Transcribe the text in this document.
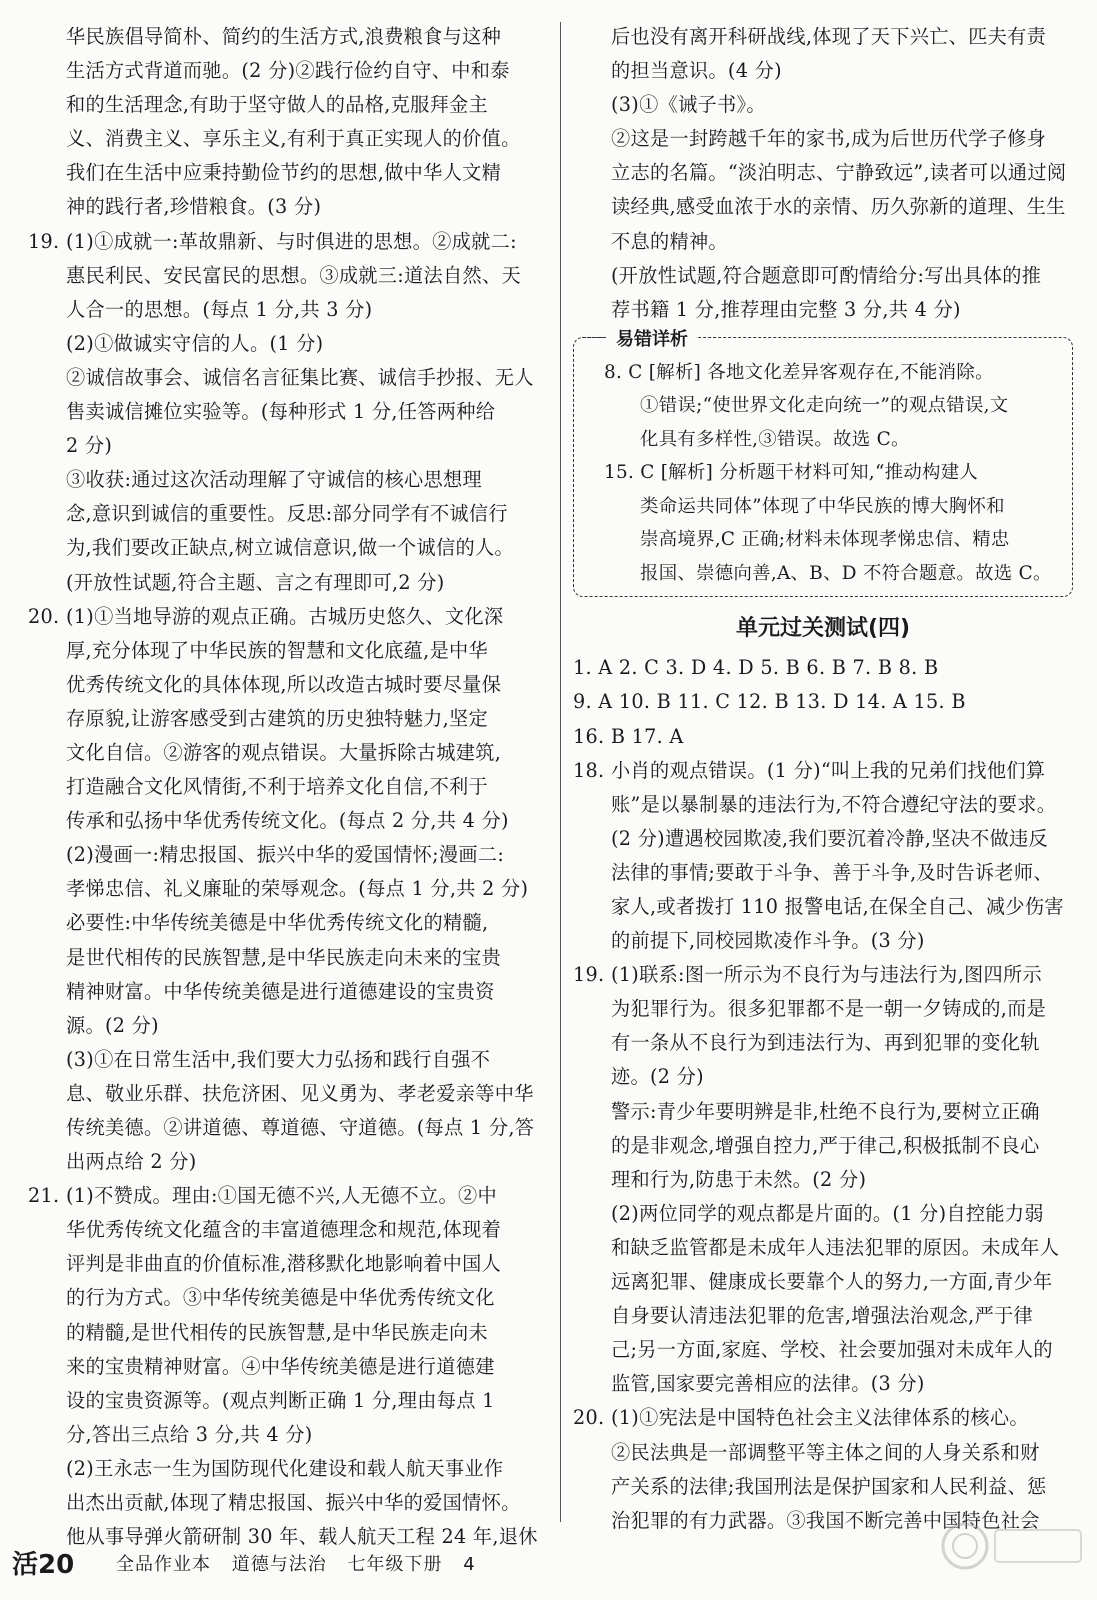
华民族倡导简朴、简约的生活方式,浪费粮食与这种
生活方式背道而驰。(2 分)②践行俭约自守、中和泰
和的生活理念,有助于坚守做人的品格,克服拜金主
义、消费主义、享乐主义,有利于真正实现人的价值。
我们在生活中应秉持勤俭节约的思想,做中华人文精
神的践行者,珍惜粮食。(3 分)
19. (1)①成就一:革故鼎新、与时俱进的思想。②成就二:
惠民利民、安民富民的思想。③成就三:道法自然、天
人合一的思想。(每点 1 分,共 3 分)
(2)①做诚实守信的人。(1 分)
②诚信故事会、诚信名言征集比赛、诚信手抄报、无人
售卖诚信摊位实验等。(每种形式 1 分,任答两种给
2 分)
③收获:通过这次活动理解了守诚信的核心思想理
念,意识到诚信的重要性。反思:部分同学有不诚信行
为,我们要改正缺点,树立诚信意识,做一个诚信的人。
(开放性试题,符合主题、言之有理即可,2 分)
20. (1)①当地导游的观点正确。古城历史悠久、文化深
厚,充分体现了中华民族的智慧和文化底蕴,是中华
优秀传统文化的具体体现,所以改造古城时要尽量保
存原貌,让游客感受到古建筑的历史独特魅力,坚定
文化自信。②游客的观点错误。大量拆除古城建筑,
打造融合文化风情街,不利于培养文化自信,不利于
传承和弘扬中华优秀传统文化。(每点 2 分,共 4 分)
(2)漫画一:精忠报国、振兴中华的爱国情怀;漫画二:
孝悌忠信、礼义廉耻的荣辱观念。(每点 1 分,共 2 分)
必要性:中华传统美德是中华优秀传统文化的精髓,
是世代相传的民族智慧,是中华民族走向未来的宝贵
精神财富。中华传统美德是进行道德建设的宝贵资
源。(2 分)
(3)①在日常生活中,我们要大力弘扬和践行自强不
息、敬业乐群、扶危济困、见义勇为、孝老爱亲等中华
传统美德。②讲道德、尊道德、守道德。(每点 1 分,答
出两点给 2 分)
21. (1)不赞成。理由:①国无德不兴,人无德不立。②中
华优秀传统文化蕴含的丰富道德理念和规范,体现着
评判是非曲直的价值标准,潜移默化地影响着中国人
的行为方式。③中华传统美德是中华优秀传统文化
的精髓,是世代相传的民族智慧,是中华民族走向未
来的宝贵精神财富。④中华传统美德是进行道德建
设的宝贵资源等。(观点判断正确 1 分,理由每点 1
分,答出三点给 3 分,共 4 分)
(2)王永志一生为国防现代化建设和载人航天事业作
出杰出贡献,体现了精忠报国、振兴中华的爱国情怀。
他从事导弹火箭研制 30 年、载人航天工程 24 年,退休
后也没有离开科研战线,体现了天下兴亡、匹夫有责
的担当意识。(4 分)
(3)①《诫子书》。
②这是一封跨越千年的家书,成为后世历代学子修身
立志的名篇。“淡泊明志、宁静致远”,读者可以通过阅
读经典,感受血浓于水的亲情、历久弥新的道理、生生
不息的精神。
(开放性试题,符合题意即可酌情给分:写出具体的推
荐书籍 1 分,推荐理由完整 3 分,共 4 分)
易错详析
8. C [解析] 各地文化差异客观存在,不能消除。
①错误;“使世界文化走向统一”的观点错误,文
化具有多样性,③错误。故选 C。
15. C [解析] 分析题干材料可知,“推动构建人
类命运共同体”体现了中华民族的博大胸怀和
崇高境界,C 正确;材料未体现孝悌忠信、精忠
报国、崇德向善,A、B、D 不符合题意。故选 C。
单元过关测试(四)
1. A 2. C 3. D 4. D 5. B 6. B 7. B 8. B
9. A 10. B 11. C 12. B 13. D 14. A 15. B
16. B 17. A
18. 小肖的观点错误。(1 分)“叫上我的兄弟们找他们算
账”是以暴制暴的违法行为,不符合遵纪守法的要求。
(2 分)遭遇校园欺凌,我们要沉着冷静,坚决不做违反
法律的事情;要敢于斗争、善于斗争,及时告诉老师、
家人,或者拨打 110 报警电话,在保全自己、减少伤害
的前提下,同校园欺凌作斗争。(3 分)
19. (1)联系:图一所示为不良行为与违法行为,图四所示
为犯罪行为。很多犯罪都不是一朝一夕铸成的,而是
有一条从不良行为到违法行为、再到犯罪的变化轨
迹。(2 分)
警示:青少年要明辨是非,杜绝不良行为,要树立正确
的是非观念,增强自控力,严于律己,积极抵制不良心
理和行为,防患于未然。(2 分)
(2)两位同学的观点都是片面的。(1 分)自控能力弱
和缺乏监管都是未成年人违法犯罪的原因。未成年人
远离犯罪、健康成长要靠个人的努力,一方面,青少年
自身要认清违法犯罪的危害,增强法治观念,严于律
己;另一方面,家庭、学校、社会要加强对未成年人的
监管,国家要完善相应的法律。(3 分)
20. (1)①宪法是中国特色社会主义法律体系的核心。
②民法典是一部调整平等主体之间的人身关系和财
产关系的法律;我国刑法是保护国家和人民利益、惩
治犯罪的有力武器。③我国不断完善中国特色社会
活20 全品作业本 道德与法治 七年级下册 4
